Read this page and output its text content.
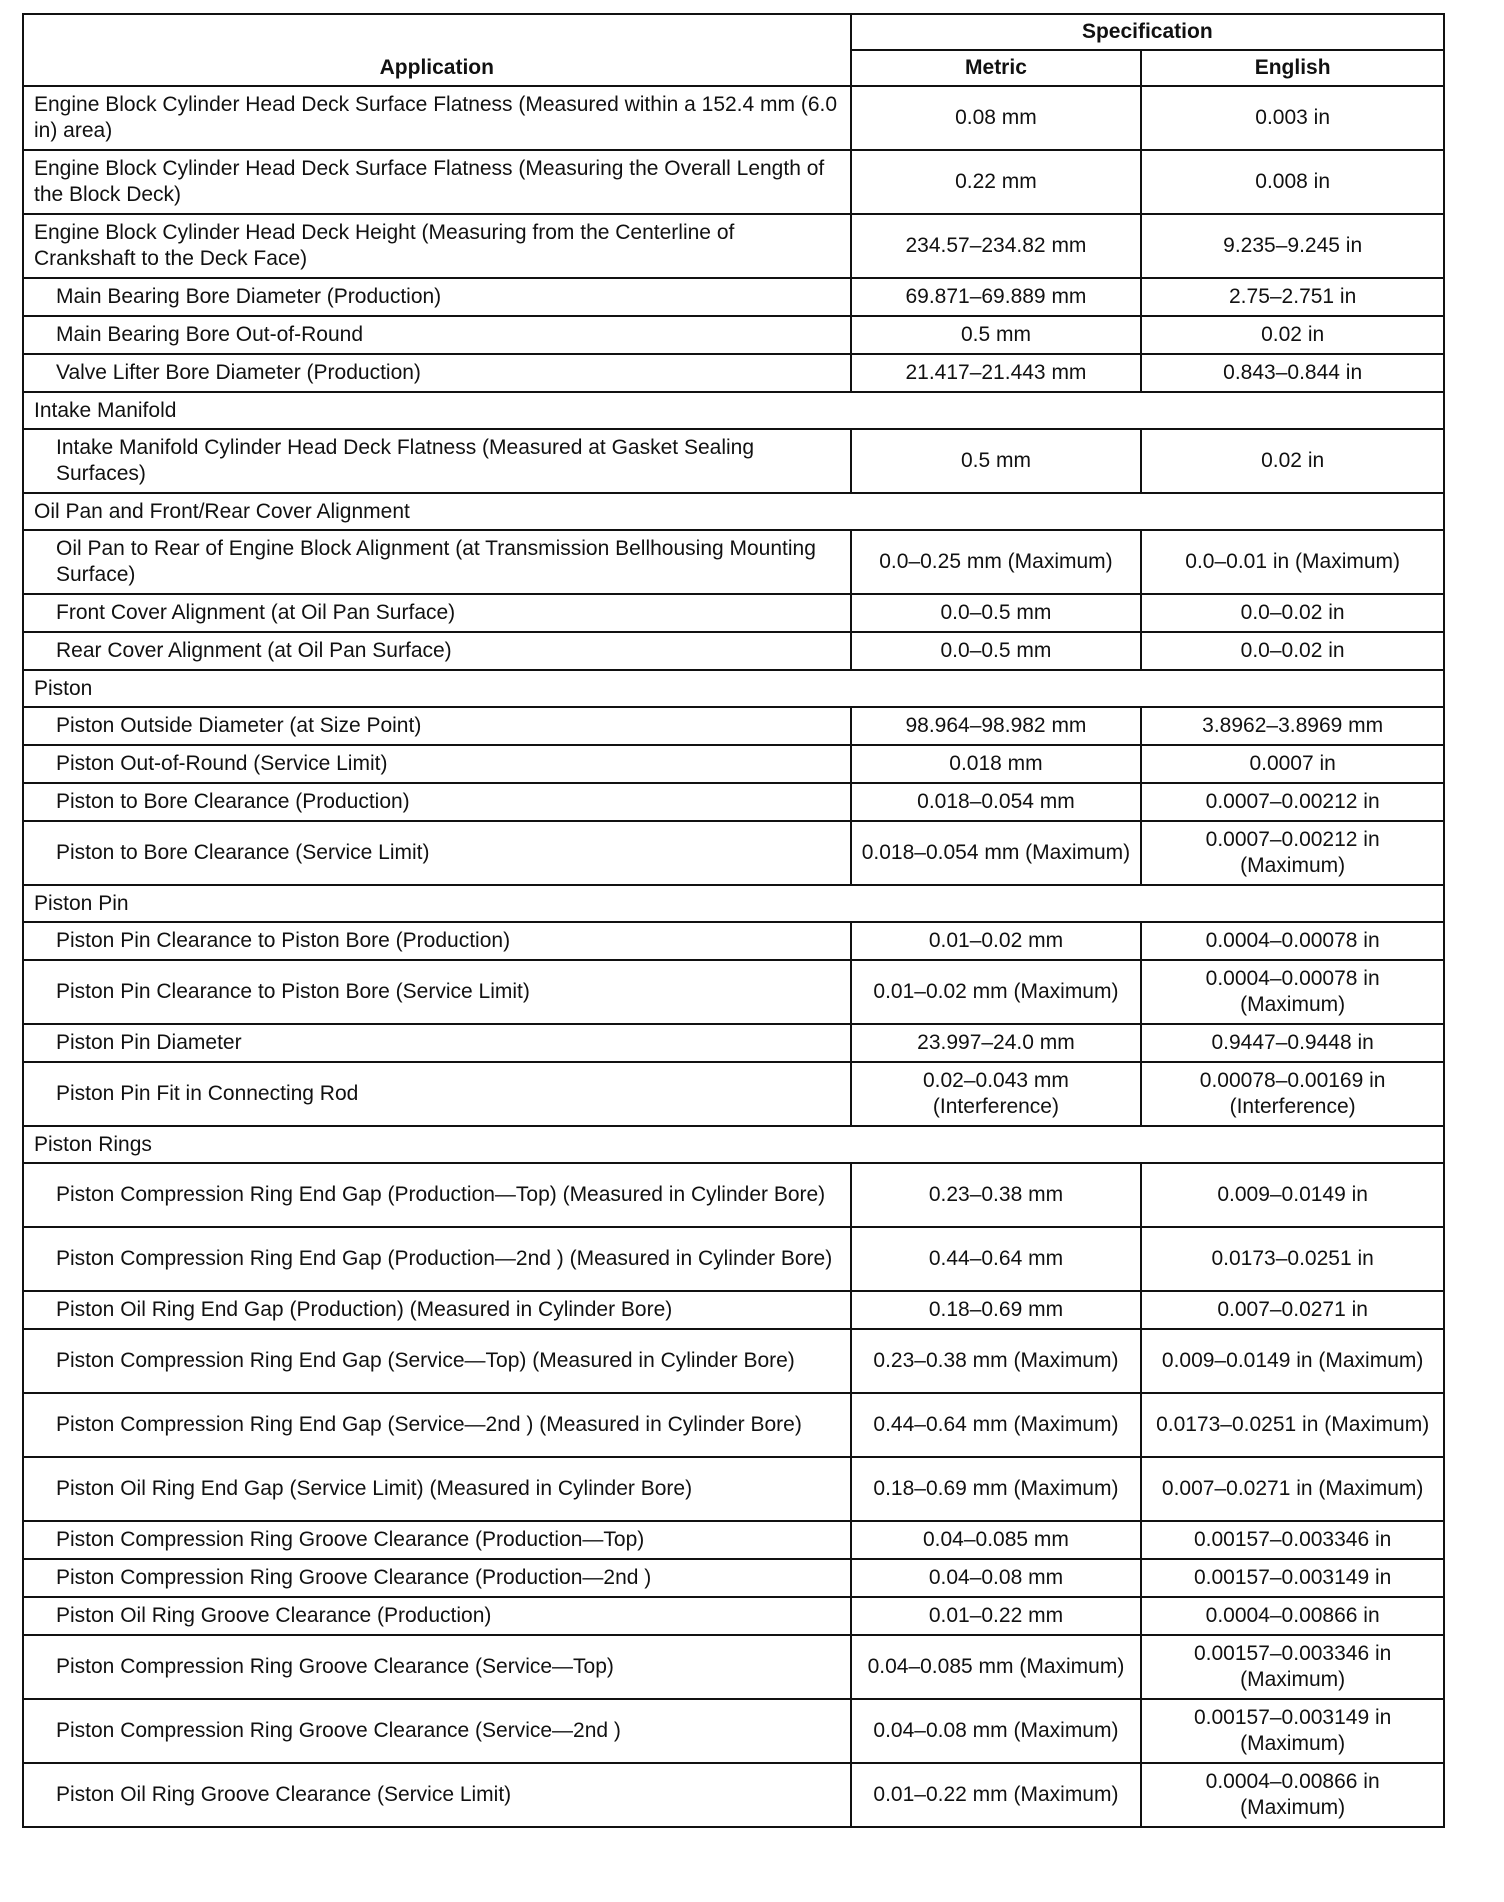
Application	Specification	
	Metric	English
Engine Block Cylinder Head Deck Surface Flatness (Measured within a 152.4 mm (6.0 in) area)	0.08 mm	0.003 in
Engine Block Cylinder Head Deck Surface Flatness (Measuring the Overall Length of the Block Deck)	0.22 mm	0.008 in
Engine Block Cylinder Head Deck Height (Measuring from the Centerline of Crankshaft to the Deck Face)	234.57–234.82 mm	9.235–9.245 in
Main Bearing Bore Diameter (Production)	69.871–69.889 mm	2.75–2.751 in
Main Bearing Bore Out-of-Round	0.5 mm	0.02 in
Valve Lifter Bore Diameter (Production)	21.417–21.443 mm	0.843–0.844 in
Intake Manifold		
Intake Manifold Cylinder Head Deck Flatness (Measured at Gasket Sealing Surfaces)	0.5 mm	0.02 in
Oil Pan and Front/Rear Cover Alignment		
Oil Pan to Rear of Engine Block Alignment (at Transmission Bellhousing Mounting Surface)	0.0–0.25 mm (Maximum)	0.0–0.01 in (Maximum)
Front Cover Alignment (at Oil Pan Surface)	0.0–0.5 mm	0.0–0.02 in
Rear Cover Alignment (at Oil Pan Surface)	0.0–0.5 mm	0.0–0.02 in
Piston		
Piston Outside Diameter (at Size Point)	98.964–98.982 mm	3.8962–3.8969 mm
Piston Out-of-Round (Service Limit)	0.018 mm	0.0007 in
Piston to Bore Clearance (Production)	0.018–0.054 mm	0.0007–0.00212 in
Piston to Bore Clearance (Service Limit)	0.018–0.054 mm (Maximum)	0.0007–0.00212 in (Maximum)
Piston Pin		
Piston Pin Clearance to Piston Bore (Production)	0.01–0.02 mm	0.0004–0.00078 in
Piston Pin Clearance to Piston Bore (Service Limit)	0.01–0.02 mm (Maximum)	0.0004–0.00078 in (Maximum)
Piston Pin Diameter	23.997–24.0 mm	0.9447–0.9448 in
Piston Pin Fit in Connecting Rod	0.02–0.043 mm (Interference)	0.00078–0.00169 in (Interference)
Piston Rings		
Piston Compression Ring End Gap (Production—Top) (Measured in Cylinder Bore)	0.23–0.38 mm	0.009–0.0149 in
Piston Compression Ring End Gap (Production—2nd ) (Measured in Cylinder Bore)	0.44–0.64 mm	0.0173–0.0251 in
Piston Oil Ring End Gap (Production) (Measured in Cylinder Bore)	0.18–0.69 mm	0.007–0.0271 in
Piston Compression Ring End Gap (Service—Top) (Measured in Cylinder Bore)	0.23–0.38 mm (Maximum)	0.009–0.0149 in (Maximum)
Piston Compression Ring End Gap (Service—2nd ) (Measured in Cylinder Bore)	0.44–0.64 mm (Maximum)	0.0173–0.0251 in (Maximum)
Piston Oil Ring End Gap (Service Limit) (Measured in Cylinder Bore)	0.18–0.69 mm (Maximum)	0.007–0.0271 in (Maximum)
Piston Compression Ring Groove Clearance (Production—Top)	0.04–0.085 mm	0.00157–0.003346 in
Piston Compression Ring Groove Clearance (Production—2nd )	0.04–0.08 mm	0.00157–0.003149 in
Piston Oil Ring Groove Clearance (Production)	0.01–0.22 mm	0.0004–0.00866 in
Piston Compression Ring Groove Clearance (Service—Top)	0.04–0.085 mm (Maximum)	0.00157–0.003346 in (Maximum)
Piston Compression Ring Groove Clearance (Service—2nd )	0.04–0.08 mm (Maximum)	0.00157–0.003149 in (Maximum)
Piston Oil Ring Groove Clearance (Service Limit)	0.01–0.22 mm (Maximum)	0.0004–0.00866 in (Maximum)
